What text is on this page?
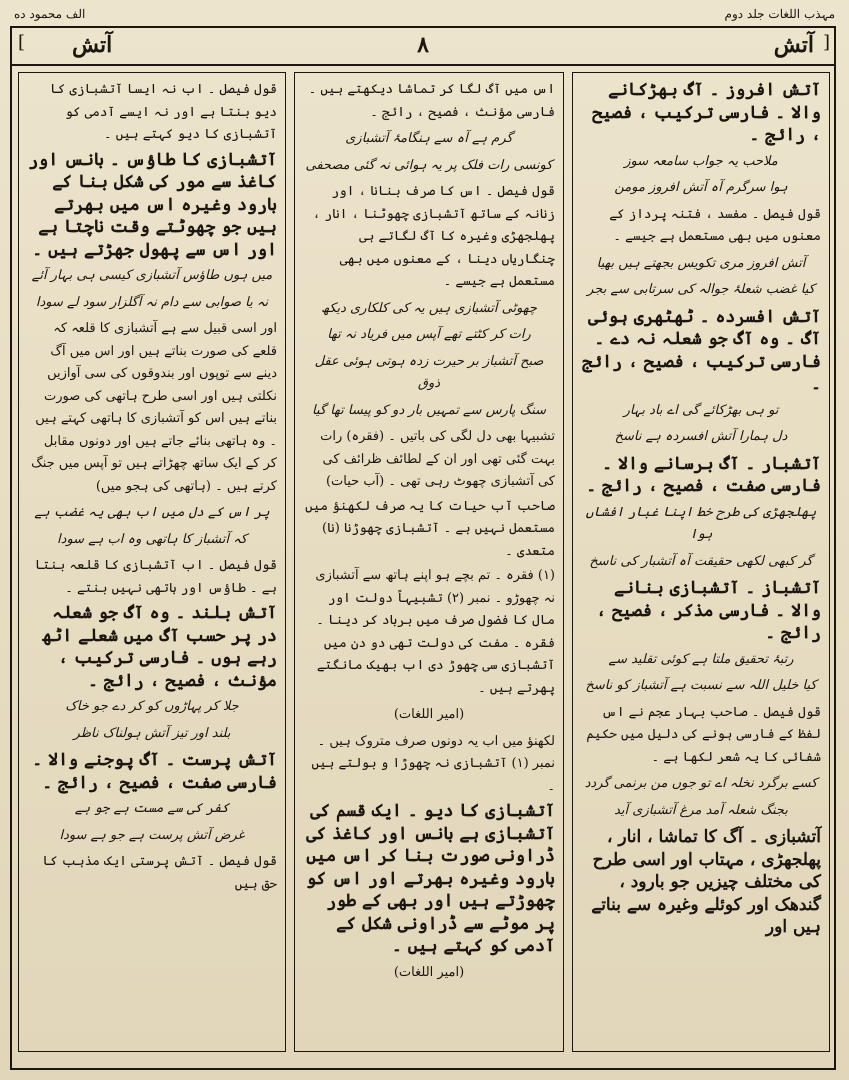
الف محمود ده	مہذب اللغات جلد دوم
[ آتش	۸	آتش ]

آتش افروز ۔ آگ بھڑکانے والا ۔ فارسی ترکیب ، فصیح ، رائج ۔

ملاحب یہ جواب سامعہ سوز

ہوا سرگرم آہ آتش افروز مومن

قول فیصل ۔ مفسد ، فتنہ پرداز کے معنوں میں بھی مستعمل ہے جیسے ۔

آتش افروز مری تکویس بجھتے ہیں بھیا

کیا غضب شعلۂ جوالہ کی سرتابی سے بجر

آتش افسردہ ۔ ٹھٹھری ہوئی آگ ۔ وہ آگ جو شعلہ نہ دے ۔ فارسی ترکیب ، فصیح ، رائج ۔

تو ہی بھڑکائے گی اے باد بہار

دل ہمارا آتش افسردہ ہے ناسخ

آتشبار ۔ آگ برسانے والا ۔ فارسی صفت ، فصیح ، رائج ۔

پھلجھڑی کی طرح خط اپنا غبار افشاں ہوا

گر کبھی لکھی حقیقت آہ آتشبار کی ناسخ

آتشباز ۔ آتشبازی بنانے والا ۔ فارسی مذکر ، فصیح ، رائج ۔

رتبۂ تحقیق ملتا ہے کوئی تقلید سے

کیا خلیل اللہ سے نسبت ہے آتشباز کو ناسخ

قول فیصل ۔ صاحب بہار عجم نے اس لفظ کے فارسی ہونے کی دلیل میں حکیم شفائی کا یہ شعر لکھا ہے ۔

کسے برگرد نخلہ اے تو جوں من برنمی گردد

بجنگ شعلہ آمد مرغ آتشبازی آید

آتشبازی ۔ آگ کا تماشا ، انار ، پھلجھڑی ، مہتاب اور اسی طرح کی مختلف چیزیں جو بارود ، گندھک اور کوئلے وغیرہ سے بناتے ہیں اور

اس میں آگ لگا کر تماشا دیکھتے ہیں ۔ فارسی مؤنث ، فصیح ، رائج ۔

گرم ہے آہ سے ہنگامۂ آتشبازی

کونسی رات فلک پر یہ ہوائی نہ گئی مصحفی

قول فیصل ۔ اس کا صرف بنانا ، اور زنانہ کے ساتھ آتشبازی چھوٹنا ، انار ، پھلجھڑی وغیرہ کا آگ لگاتے ہی چنگاریاں دینا ، کے معنوں میں بھی مستعمل ہے جیسے ۔

چھوٹی آتشبازی ہیں یہ کی کلکاری دیکھ

رات کر کٹتے تھے آپس میں فریاد نہ تھا

صبح آتشباز بر حیرت زدہ ہوتی ہوئی عقل ذوق

سنگ پارس سے تمہیں بار دو کو پیسا تھا گیا

تشبیہا بھی دل لگی کی باتیں ۔ (فقرہ) رات بہت گئی تھی اور ان کے لطائف ظرائف کی کی آتشبازی چھوٹ رہی تھی ۔ (آب حیات)

صاحب آب حیات کا یہ صرف لکھنؤ میں مستعمل نہیں ہے ۔ آتشبازی چھوڑنا (نا) متعدی ۔

(۱) فقرہ ۔ تم بچے ہو اپنے ہاتھ سے آتشبازی نہ چھوڑو ۔ نمبر (۲) تشبیہاً دولت اور مال کا فضول صرف میں برباد کر دینا ۔ فقرہ ۔ مفت کی دولت تھی دو دن میں آتشبازی سی چھوڑ دی اب بھیک مانگتے پھرتے ہیں ۔

(امیر اللغات)

لکھنؤ میں اب یہ دونوں صرف متروک ہیں ۔ نمبر (۱) آتشبازی نہ چھوڑا و بولتے ہیں ۔

آتشبازی کا دیو ۔ ایک قسم کی آتشبازی ہے بانس اور کاغذ کی ڈراونی صورت بنا کر اس میں بارود وغیرہ بھرتے اور اس کو چھوڑتے ہیں اور بھی کے طور پر موٹے سے ڈراونی شکل کے آدمی کو کہتے ہیں ۔

(امیر اللغات)

قول فیصل ۔ اب نہ ایسا آتشبازی کا دیو بنتا ہے اور نہ ایسے آدمی کو آتشبازی کا دیو کہتے ہیں ۔

آتشبازی کا طاؤس ۔ بانس اور کاغذ سے مور کی شکل بنا کے بارود وغیرہ اس میں بھرتے ہیں جو چھوٹتے وقت ناچتا ہے اور اس سے پھول جھڑتے ہیں ۔

میں ہوں طاؤس آتشبازی کیسی ہی بہار آئے

نہ یا صوابی سے دام نہ آگلزار سود لے سودا

اور اسی قبیل سے ہے آتشبازی کا قلعہ کہ قلعے کی صورت بناتے ہیں اور اس میں آگ دینے سے توپوں اور بندوقوں کی سی آوازیں نکلتی ہیں اور اسی طرح ہاتھی کی صورت بناتے ہیں اس کو آتشبازی کا ہاتھی کہتے ہیں ۔ وہ ہاتھی بنائے جاتے ہیں اور دونوں مقابل کر کے ایک ساتھ چھڑاتے ہیں تو آپس میں جنگ کرتے ہیں ۔ (ہاتھی کی ہجو میں)

پر اس کے دل میں اب بھی یہ غضب ہے

کہ آتشباز کا ہاتھی وہ اب ہے سودا

قول فیصل ۔ اب آتشبازی کا قلعہ بنتا ہے ۔ طاؤس اور ہاتھی نہیں بنتے ۔

آتش بلند ۔ وہ آگ جو شعلہ در پر حسب آگ میں شعلے اٹھ رہے ہوں ۔ فارسی ترکیب ، مؤنث ، فصیح ، رائج ۔

جلا کر پہاڑوں کو کر دے جو خاک

بلند اور تیز آتش ہولناک ناظر

آتش پرست ۔ آگ پوجنے والا ۔ فارسی صفت ، فصیح ، رائج ۔

کفر کی سے مست ہے جو ہے

غرض آتش پرست ہے جو ہے سودا

قول فیصل ۔ آتش پرستی ایک مذہب کا حق ہیں
